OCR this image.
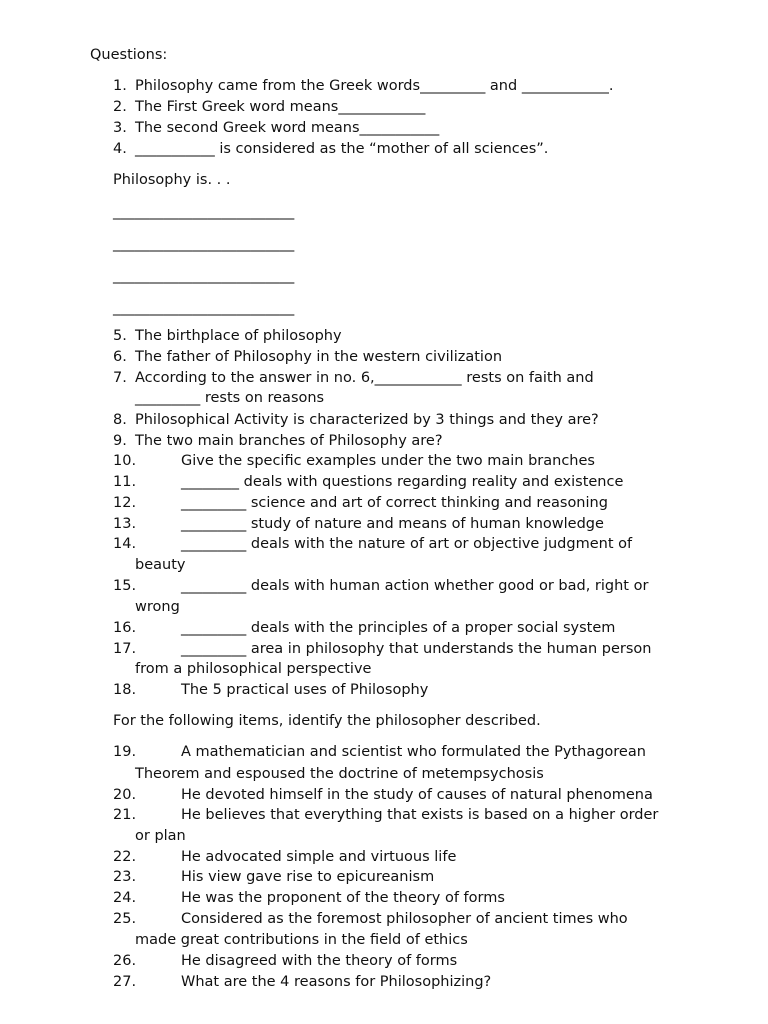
Questions:
1. Philosophy came from the Greek words_________ and ____________.
2. The First Greek word means____________
3. The second Greek word means___________
4. ___________ is considered as the “mother of all sciences”.
Philosophy is. . .
_________________________
_________________________
_________________________
_________________________
5. The birthplace of philosophy
6. The father of Philosophy in the western civilization
7. According to the answer in no. 6,____________ rests on faith and
_________ rests on reasons
8. Philosophical Activity is characterized by 3 things and they are?
9. The two main branches of Philosophy are?
10.	Give the specific examples under the two main branches
11.	________ deals with questions regarding reality and existence
12.	_________ science and art of correct thinking and reasoning
13.	_________ study of nature and means of human knowledge
14.	_________ deals with the nature of art or objective judgment of
beauty
15.	_________ deals with human action whether good or bad, right or
wrong
16.	_________ deals with the principles of a proper social system
17.	_________ area in philosophy that understands the human person
from a philosophical perspective
18.	The 5 practical uses of Philosophy
For the following items, identify the philosopher described.
19.	A mathematician and scientist who formulated the Pythagorean
Theorem and espoused the doctrine of metempsychosis
20.	He devoted himself in the study of causes of natural phenomena
21.	He believes that everything that exists is based on a higher order
or plan
22.	He advocated simple and virtuous life
23.	His view gave rise to epicureanism
24.	He was the proponent of the theory of forms
25.	Considered as the foremost philosopher of ancient times who
made great contributions in the field of ethics
26.	He disagreed with the theory of forms
27.	What are the 4 reasons for Philosophizing?
